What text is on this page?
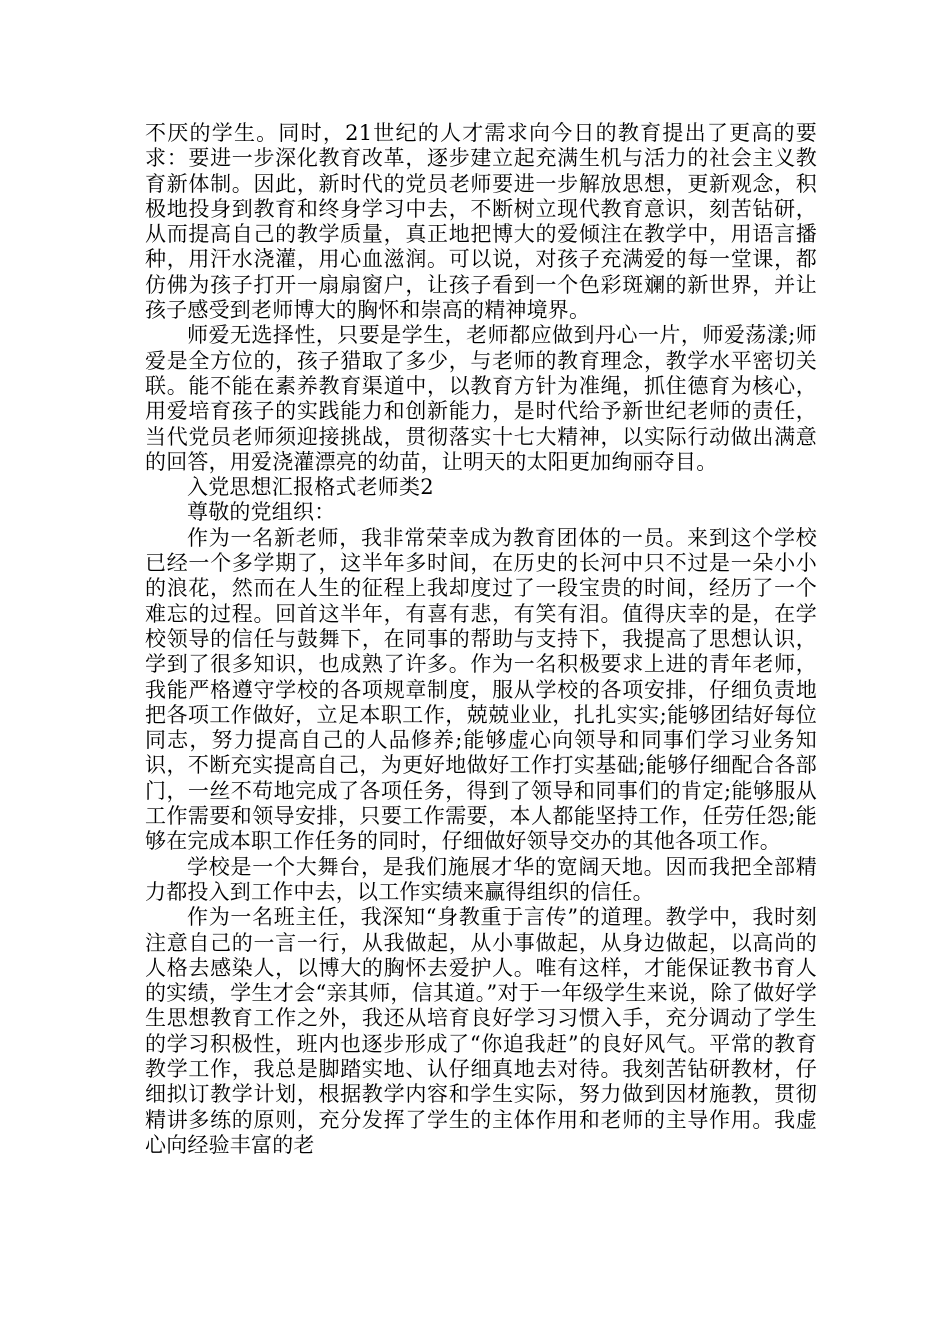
不厌的学生。同时，21世纪的人才需求向今日的教育提出了更高的要求：要进一步深化教育改革，逐步建立起充满生机与活力的社会主义教育新体制。因此，新时代的党员老师要进一步解放思想，更新观念，积极地投身到教育和终身学习中去，不断树立现代教育意识，刻苦钻研，从而提高自己的教学质量，真正地把博大的爱倾注在教学中，用语言播种，用汗水浇灌，用心血滋润。可以说，对孩子充满爱的每一堂课，都仿佛为孩子打开一扇扇窗户，让孩子看到一个色彩斑斓的新世界，并让孩子感受到老师博大的胸怀和崇高的精神境界。

师爱无选择性，只要是学生，老师都应做到丹心一片，师爱荡漾;师爱是全方位的，孩子猎取了多少，与老师的教育理念，教学水平密切关联。能不能在素养教育渠道中，以教育方针为准绳，抓住德育为核心，用爱培育孩子的实践能力和创新能力，是时代给予新世纪老师的责任，当代党员老师须迎接挑战，贯彻落实十七大精神，以实际行动做出满意的回答，用爱浇灌漂亮的幼苗，让明天的太阳更加绚丽夺目。

入党思想汇报格式老师类2

尊敬的党组织：

作为一名新老师，我非常荣幸成为教育团体的一员。来到这个学校已经一个多学期了，这半年多时间，在历史的长河中只不过是一朵小小的浪花，然而在人生的征程上我却度过了一段宝贵的时间，经历了一个难忘的过程。回首这半年，有喜有悲，有笑有泪。值得庆幸的是，在学校领导的信任与鼓舞下，在同事的帮助与支持下，我提高了思想认识，学到了很多知识，也成熟了许多。作为一名积极要求上进的青年老师，我能严格遵守学校的各项规章制度，服从学校的各项安排，仔细负责地把各项工作做好，立足本职工作，兢兢业业，扎扎实实;能够团结好每位同志，努力提高自己的人品修养;能够虚心向领导和同事们学习业务知识，不断充实提高自己，为更好地做好工作打实基础;能够仔细配合各部门，一丝不苟地完成了各项任务，得到了领导和同事们的肯定;能够服从工作需要和领导安排，只要工作需要，本人都能坚持工作，任劳任怨;能够在完成本职工作任务的同时，仔细做好领导交办的其他各项工作。

学校是一个大舞台，是我们施展才华的宽阔天地。因而我把全部精力都投入到工作中去，以工作实绩来赢得组织的信任。

作为一名班主任，我深知“身教重于言传”的道理。教学中，我时刻注意自己的一言一行，从我做起，从小事做起，从身边做起，以高尚的人格去感染人，以博大的胸怀去爱护人。唯有这样，才能保证教书育人的实绩，学生才会“亲其师，信其道。”对于一年级学生来说，除了做好学生思想教育工作之外，我还从培育良好学习习惯入手，充分调动了学生的学习积极性，班内也逐步形成了“你追我赶”的良好风气。平常的教育教学工作，我总是脚踏实地、认仔细真地去对待。我刻苦钻研教材，仔细拟订教学计划，根据教学内容和学生实际，努力做到因材施教，贯彻精讲多练的原则，充分发挥了学生的主体作用和老师的主导作用。我虚心向经验丰富的老
